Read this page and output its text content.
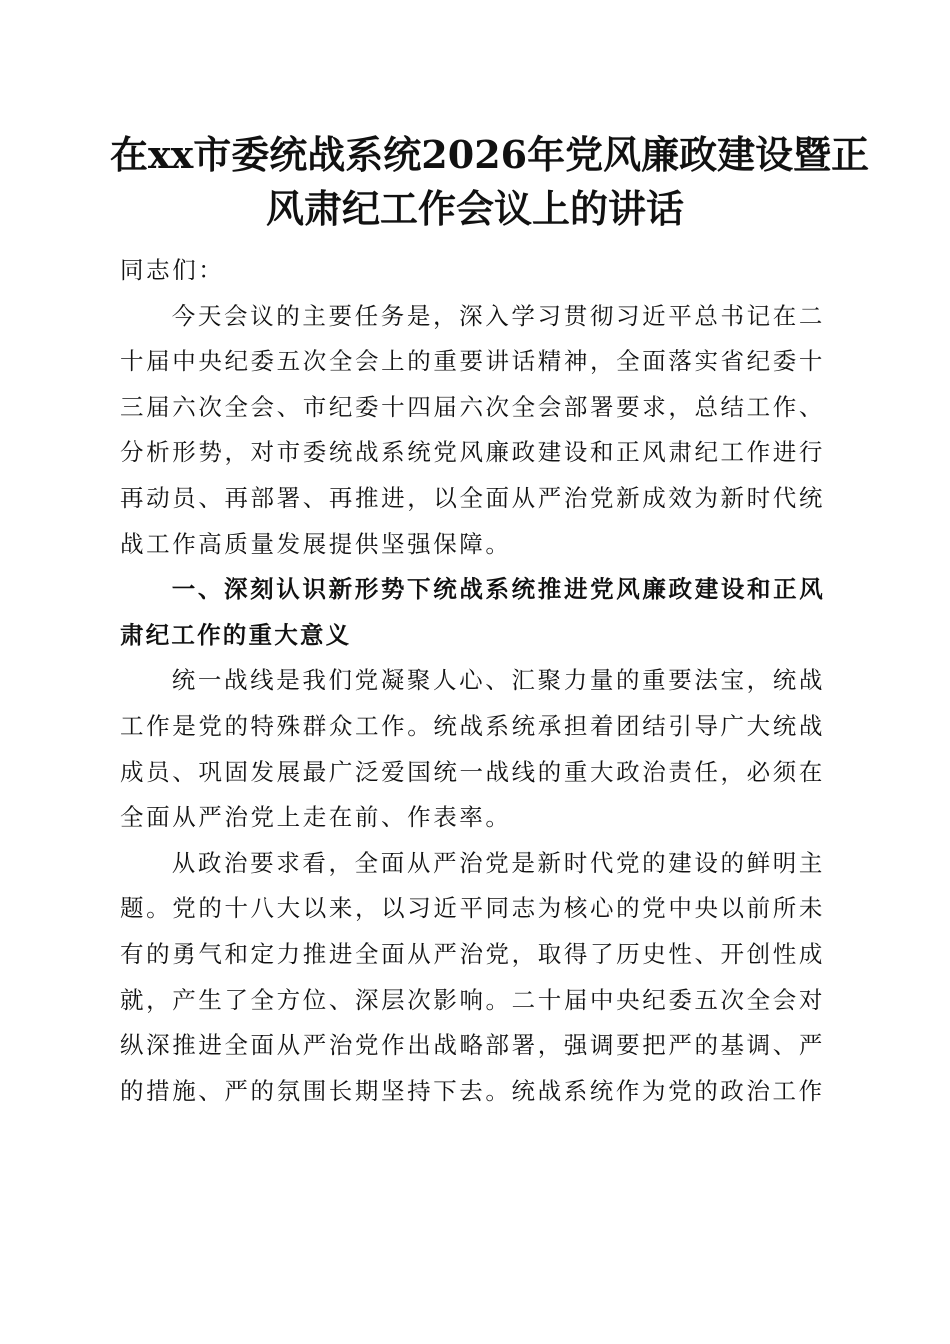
在xx市委统战系统2026年党风廉政建设暨正
风肃纪工作会议上的讲话

同志们：

今天会议的主要任务是，深入学习贯彻习近平总书记在二十届中央纪委五次全会上的重要讲话精神，全面落实省纪委十三届六次全会、市纪委十四届六次全会部署要求，总结工作、分析形势，对市委统战系统党风廉政建设和正风肃纪工作进行再动员、再部署、再推进，以全面从严治党新成效为新时代统战工作高质量发展提供坚强保障。

一、深刻认识新形势下统战系统推进党风廉政建设和正风肃纪工作的重大意义

统一战线是我们党凝聚人心、汇聚力量的重要法宝，统战工作是党的特殊群众工作。统战系统承担着团结引导广大统战成员、巩固发展最广泛爱国统一战线的重大政治责任，必须在全面从严治党上走在前、作表率。

从政治要求看，全面从严治党是新时代党的建设的鲜明主题。党的十八大以来，以习近平同志为核心的党中央以前所未有的勇气和定力推进全面从严治党，取得了历史性、开创性成就，产生了全方位、深层次影响。二十届中央纪委五次全会对纵深推进全面从严治党作出战略部署，强调要把严的基调、严的措施、严的氛围长期坚持下去。统战系统作为党的政治工作
